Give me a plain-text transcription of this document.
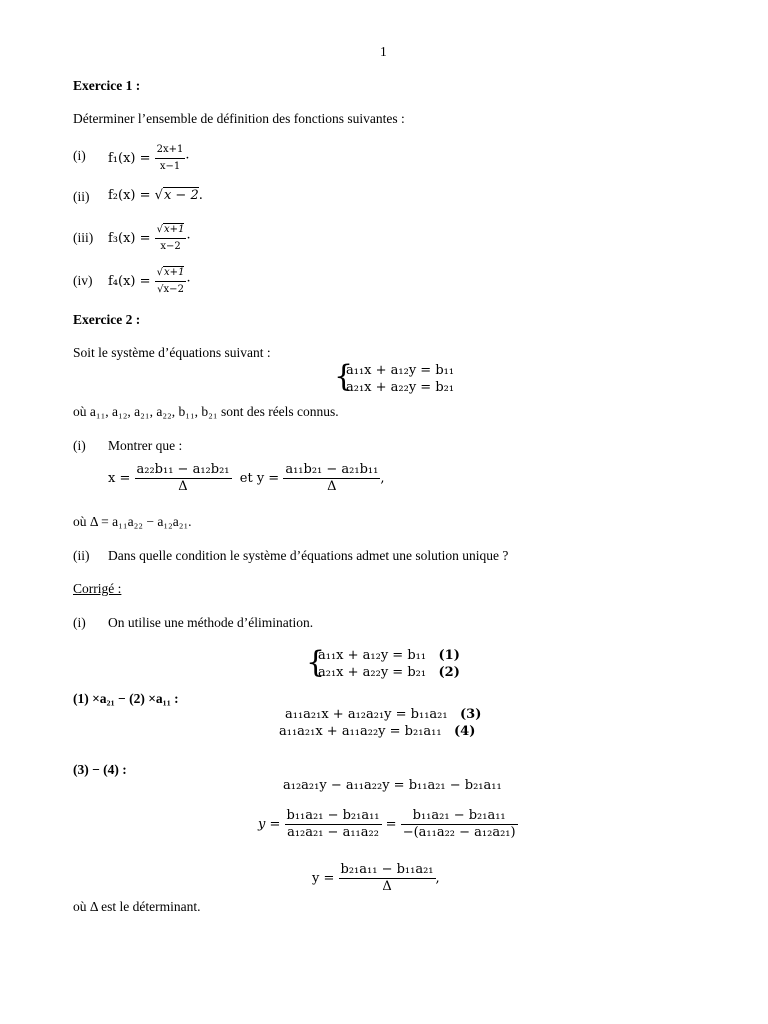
1
Exercice 1 :
Déterminer l’ensemble de définition des fonctions suivantes :
(i) $f_1(x) = \frac{2x+1}{x-1}$ ·
(ii) f₂(x) = √x − 2.
(iii) $f_3(x) = \frac{√x+1}{x-2}$ ·
(iv) $f_4(x) = \frac{√x+1}{√x-2}$ ·
Exercice 2 :
Soit le système d’équations suivant :
{
a₁₁x + a₁₂y = b₁₁
a₂₁x + a₂₂y = b₂₁
où a₁₁, a₁₂, a₂₁, a₂₂, b₁₁, b₂₁ sont des réels connus.
(i) Montrer que :
$x = \frac{\text{a₂₂b₁₁ − a₁₂b₂₁}}{\Delta}$ et $y = \frac{\text{a₁₁b₂₁ − a₂₁b₁₁}}{\Delta}$ ,
où Δ = a₁₁a₂₂ − a₁₂a₂₁.
(ii) Dans quelle condition le système d’équations admet une solution unique ?
Corrigé :
(i) On utilise une méthode d’élimination.
{
a₁₁x + a₁₂y = b₁₁ (1)
a₂₁x + a₂₂y = b₂₁ (2)
(1) ×a₂₁ − (2) ×a₁₁ :
a₁₁a₂₁x + a₁₂a₂₁y = b₁₁a₂₁ (3)
a₁₁a₂₁x + a₁₁a₂₂y = b₂₁a₁₁ (4)
(3) − (4) :
a₁₂a₂₁y − a₁₁a₂₂y = b₁₁a₂₁ − b₂₁a₁₁
$y = \frac{\text{b₁₁a₂₁ − b₂₁a₁₁}}{\text{a₁₂a₂₁ − a₁₁a₂₂}} = \frac{\text{b₁₁a₂₁ − b₂₁a₁₁}}{\text{−(a₁₁a₂₂ − a₁₂a₂₁)}}$
$y = \frac{\text{b₂₁a₁₁ − b₁₁a₂₁}}{\Delta}$ ,
où Δ est le déterminant.
